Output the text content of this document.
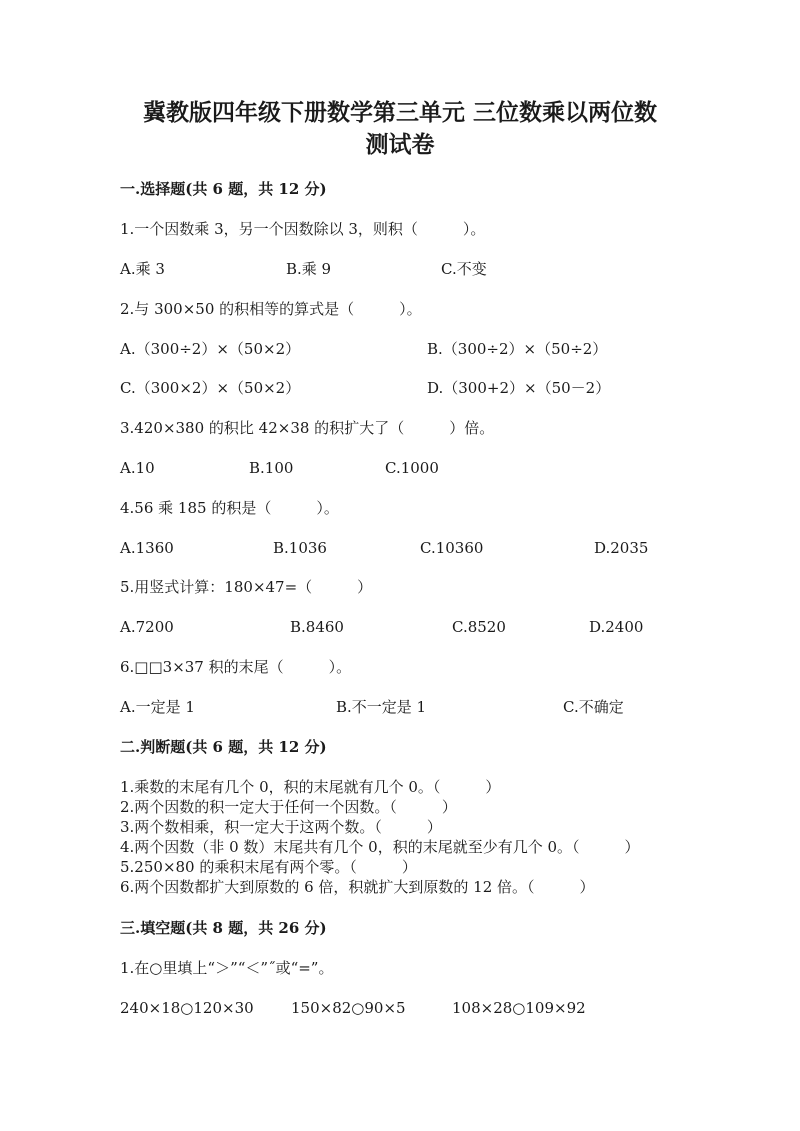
冀教版四年级下册数学第三单元 三位数乘以两位数
测试卷
一.选择题(共 6 题，共 12 分)
1.一个因数乘 3，另一个因数除以 3，则积（　　　）。
A.乘 3	B.乘 9	C.不变
2.与 300×50 的积相等的算式是（　　　）。
A.（300÷2）×（50×2）	B.（300÷2）×（50÷2）
C.（300×2）×（50×2）	D.（300+2）×（50－2）
3.420×380 的积比 42×38 的积扩大了（　　　）倍。
A.10	B.100	C.1000
4.56 乘 185 的积是（　　　）。
A.1360	B.1036	C.10360	D.2035
5.用竖式计算：180×47=（　　　）
A.7200	B.8460	C.8520	D.2400
6.□□3×37 积的末尾（　　　）。
A.一定是 1	B.不一定是 1	C.不确定
二.判断题(共 6 题，共 12 分)
1.乘数的末尾有几个 0，积的末尾就有几个 0。（　　　）
2.两个因数的积一定大于任何一个因数。（　　　）
3.两个数相乘，积一定大于这两个数。（　　　）
4.两个因数（非 0 数）末尾共有几个 0，积的末尾就至少有几个 0。（　　　）
5.250×80 的乘积末尾有两个零。（　　　）
6.两个因数都扩大到原数的 6 倍，积就扩大到原数的 12 倍。（　　　）
三.填空题(共 8 题，共 26 分)
1.在○里填上“＞”“＜”˝或“=”。
240×18○120×30 150×82○90×5	108×28○109×92
